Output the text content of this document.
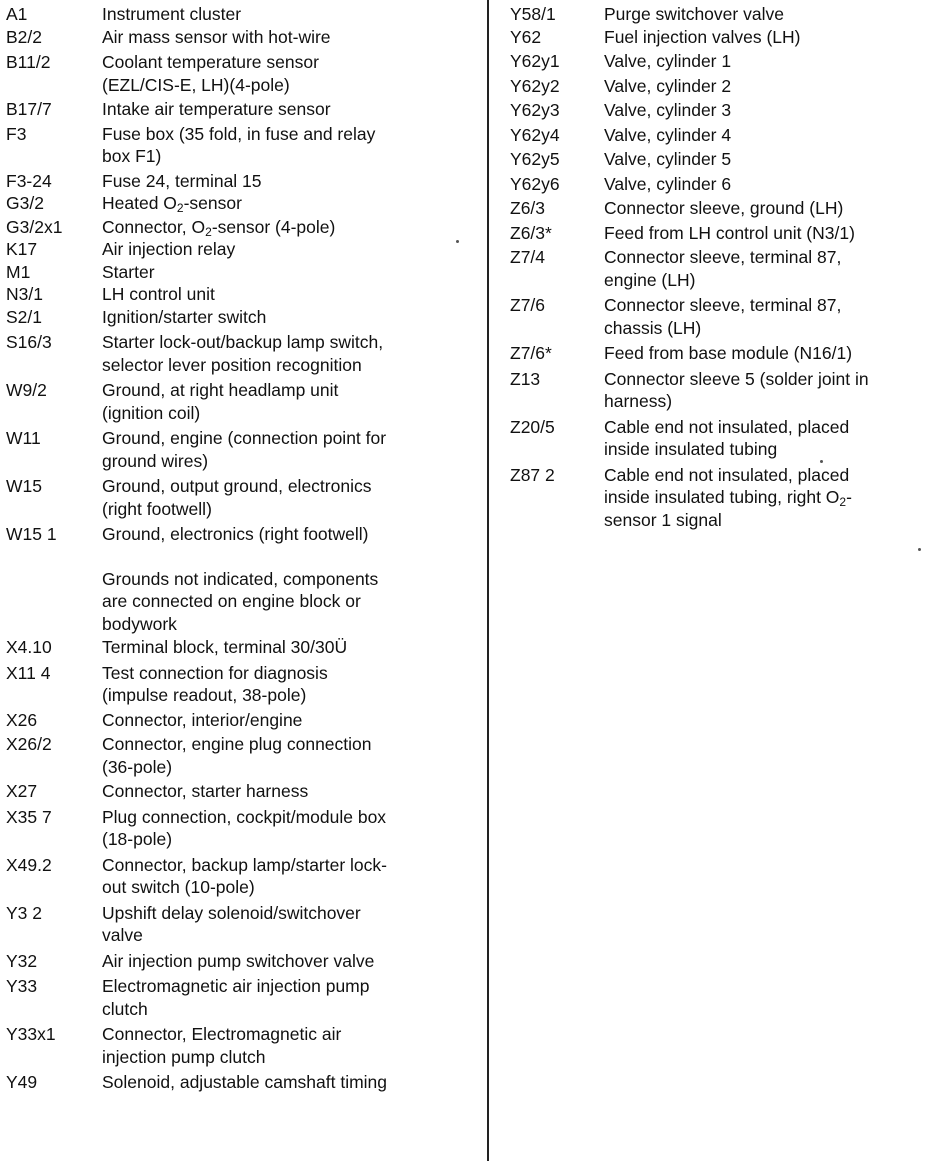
A1	Instrument cluster
B2/2	Air mass sensor with hot-wire
B11/2	Coolant temperature sensor
(EZL/CIS-E, LH)(4-pole)
B17/7	Intake air temperature sensor
F3	Fuse box (35 fold, in fuse and relay
box F1)
F3-24	Fuse 24, terminal 15
G3/2	Heated $O_2$-sensor
G3/2x1	Connector, $O_2$-sensor (4-pole)
K17	Air injection relay
M1	Starter
N3/1	LH control unit
S2/1	Ignition/starter switch
S16/3	Starter lock-out/backup lamp switch,
selector lever position recognition
W9/2	Ground, at right headlamp unit
(ignition coil)
W11	Ground, engine (connection point for
ground wires)
W15	Ground, output ground, electronics
(right footwell)
W15 1	Ground, electronics (right footwell)
Grounds not indicated, components
are connected on engine block or
bodywork
X4.10	Terminal block, terminal 30/30Ü
X11 4	Test connection for diagnosis
(impulse readout, 38-pole)
X26	Connector, interior/engine
X26/2	Connector, engine plug connection
(36-pole)
X27	Connector, starter harness
X35 7	Plug connection, cockpit/module box
(18-pole)
X49.2	Connector, backup lamp/starter lock-
out switch (10-pole)
Y3 2	Upshift delay solenoid/switchover
valve
Y32	Air injection pump switchover valve
Y33	Electromagnetic air injection pump
clutch
Y33x1	Connector, Electromagnetic air
injection pump clutch
Y49	Solenoid, adjustable camshaft timing
Y58/1	Purge switchover valve
Y62	Fuel injection valves (LH)
Y62y1	Valve, cylinder 1
Y62y2	Valve, cylinder 2
Y62y3	Valve, cylinder 3
Y62y4	Valve, cylinder 4
Y62y5	Valve, cylinder 5
Y62y6	Valve, cylinder 6
Z6/3	Connector sleeve, ground (LH)
Z6/3*	Feed from LH control unit (N3/1)
Z7/4	Connector sleeve, terminal 87,
engine (LH)
Z7/6	Connector sleeve, terminal 87,
chassis (LH)
Z7/6*	Feed from base module (N16/1)
Z13	Connector sleeve 5 (solder joint in
harness)
Z20/5	Cable end not insulated, placed
inside insulated tubing
Z87 2	Cable end not insulated, placed
inside insulated tubing, right $O_2-$
sensor 1 signal
